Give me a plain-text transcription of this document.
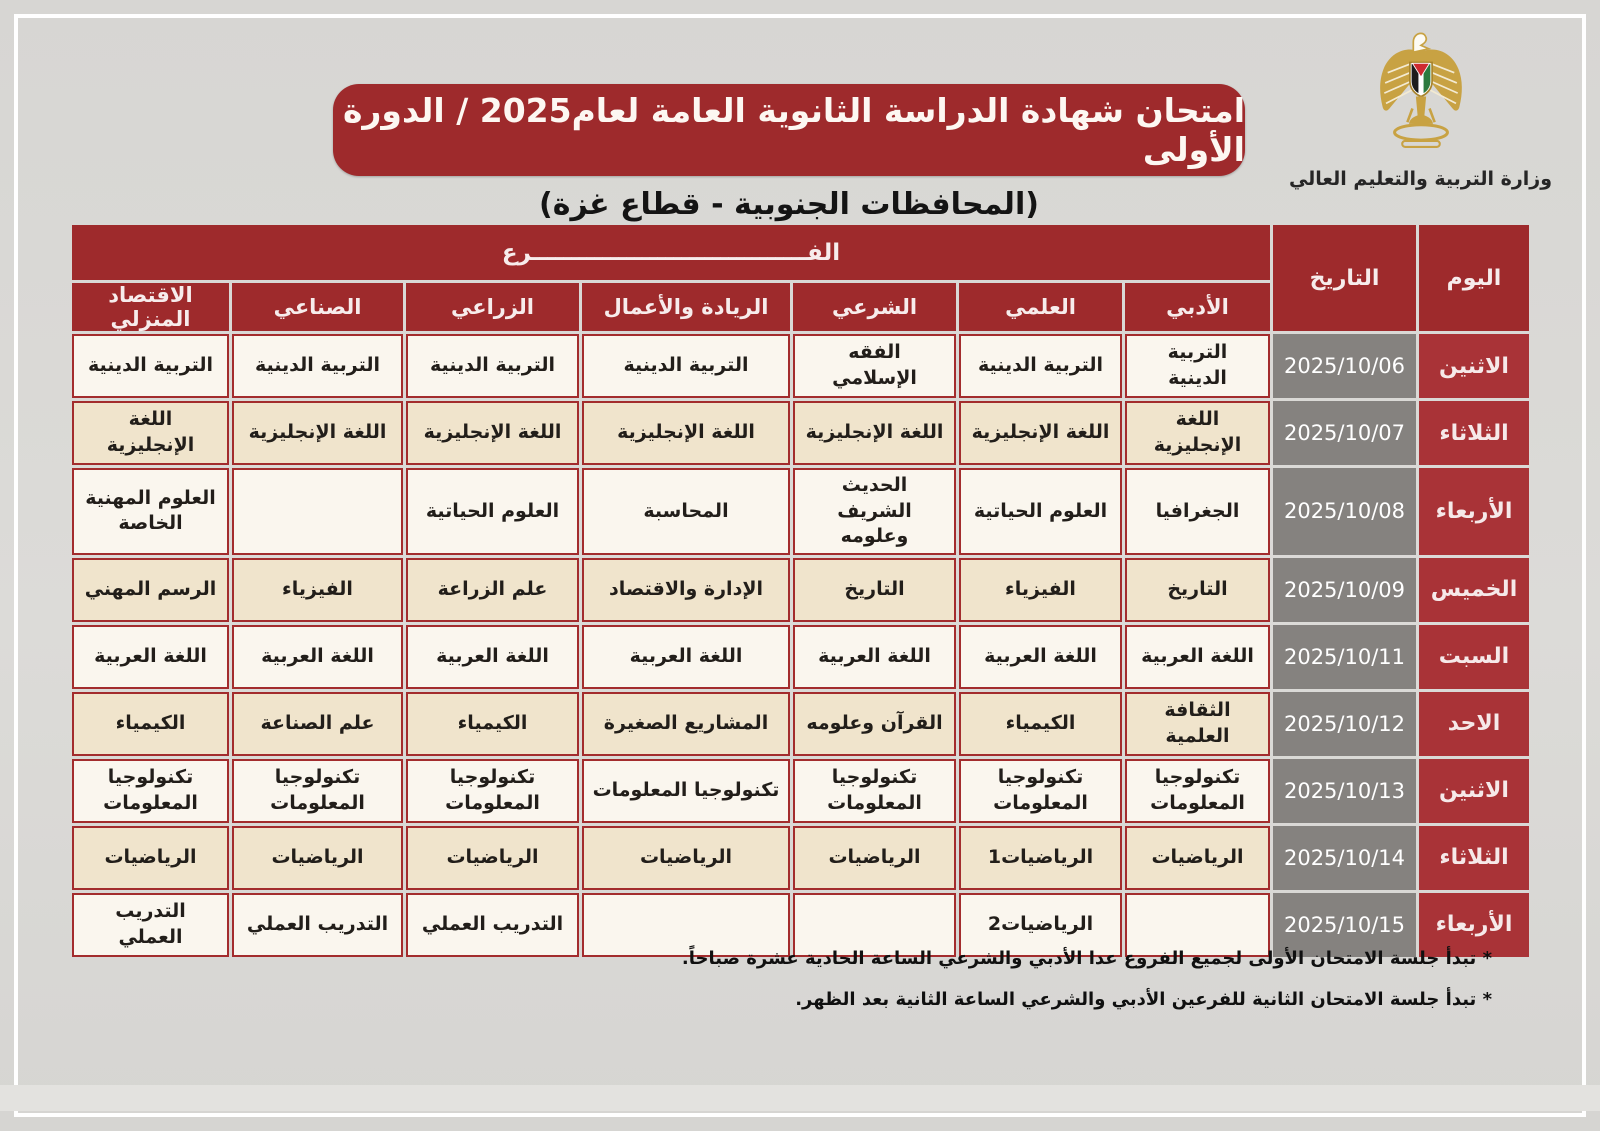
امتحان شهادة الدراسة الثانوية العامة لعام2025 / الدورة الأولى
(المحافظات الجنوبية - قطاع غزة)
وزارة التربية والتعليم العالي
اليوم	التاريخ	الفـــــــــــــــــــــــــــــــــــرع						
		الأدبي	العلمي	الشرعي	الريادة والأعمال	الزراعي	الصناعي	الاقتصاد المنزلي
الاثنين	2025/10/06	التربية الدينية	التربية الدينية	الفقه الإسلامي	التربية الدينية	التربية الدينية	التربية الدينية	التربية الدينية
الثلاثاء	2025/10/07	اللغة الإنجليزية	اللغة الإنجليزية	اللغة الإنجليزية	اللغة الإنجليزية	اللغة الإنجليزية	اللغة الإنجليزية	اللغة الإنجليزية
الأربعاء	2025/10/08	الجغرافيا	العلوم الحياتية	الحديث الشريف وعلومه	المحاسبة	العلوم الحياتية		العلوم المهنية الخاصة
الخميس	2025/10/09	التاريخ	الفيزياء	التاريخ	الإدارة والاقتصاد	علم الزراعة	الفيزياء	الرسم المهني
السبت	2025/10/11	اللغة العربية	اللغة العربية	اللغة العربية	اللغة العربية	اللغة العربية	اللغة العربية	اللغة العربية
الاحد	2025/10/12	الثقافة العلمية	الكيمياء	القرآن وعلومه	المشاريع الصغيرة	الكيمياء	علم الصناعة	الكيمياء
الاثنين	2025/10/13	تكنولوجيا المعلومات	تكنولوجيا المعلومات	تكنولوجيا المعلومات	تكنولوجيا المعلومات	تكنولوجيا المعلومات	تكنولوجيا المعلومات	تكنولوجيا المعلومات
الثلاثاء	2025/10/14	الرياضيات	الرياضيات1	الرياضيات	الرياضيات	الرياضيات	الرياضيات	الرياضيات
الأربعاء	2025/10/15		الرياضيات2			التدريب العملي	التدريب العملي	التدريب العملي
* تبدأ جلسة الامتحان الأولى لجميع الفروع عدا الأدبي والشرعي الساعة الحادية عشرة صباحاً.
* تبدأ جلسة الامتحان الثانية للفرعين الأدبي والشرعي الساعة الثانية بعد الظهر.
